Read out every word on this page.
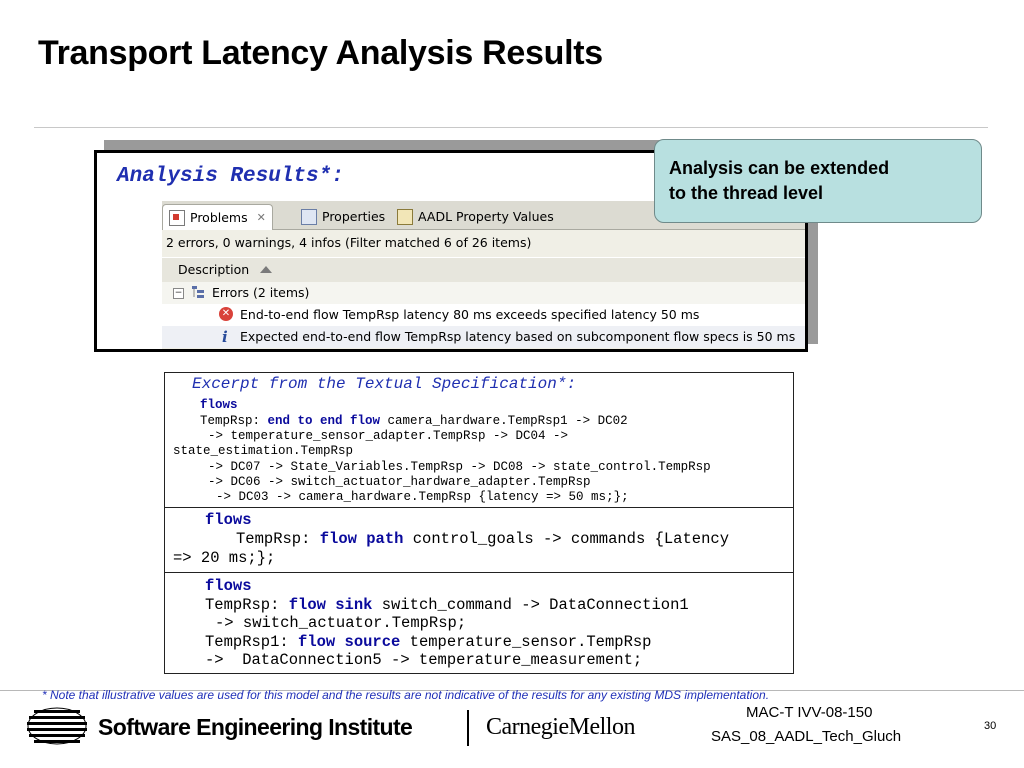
Transport Latency Analysis Results
Analysis Results*:
Problems ✕	Properties	AADL Property Values
2 errors, 0 warnings, 4 infos (Filter matched 6 of 26 items)
Description
− Errors (2 items)
✕ End-to-end flow TempRsp latency 80 ms exceeds specified latency 50 ms
i Expected end-to-end flow TempRsp latency based on subcomponent flow specs is 50 ms
Analysis can be extended
to the thread level
Excerpt from the Textual Specification*:
flows
TempRsp: end to end flow camera_hardware.TempRsp1 -> DC02
-> temperature_sensor_adapter.TempRsp -> DC04 ->
state_estimation.TempRsp
-> DC07 -> State_Variables.TempRsp -> DC08 -> state_control.TempRsp
-> DC06 -> switch_actuator_hardware_adapter.TempRsp
-> DC03 -> camera_hardware.TempRsp {latency => 50 ms;};
flows
TempRsp: flow path control_goals -> commands {Latency
=> 20 ms;};
flows
TempRsp: flow sink switch_command -> DataConnection1
-> switch_actuator.TempRsp;
TempRsp1: flow source temperature_sensor.TempRsp
->  DataConnection5 -> temperature_measurement;
* Note that illustrative values are used for this model and the results are not indicative of the results for any existing MDS implementation.
Software Engineering Institute	CarnegieMellon
MAC-T IVV-08-150
SAS_08_AADL_Tech_Gluch
30
